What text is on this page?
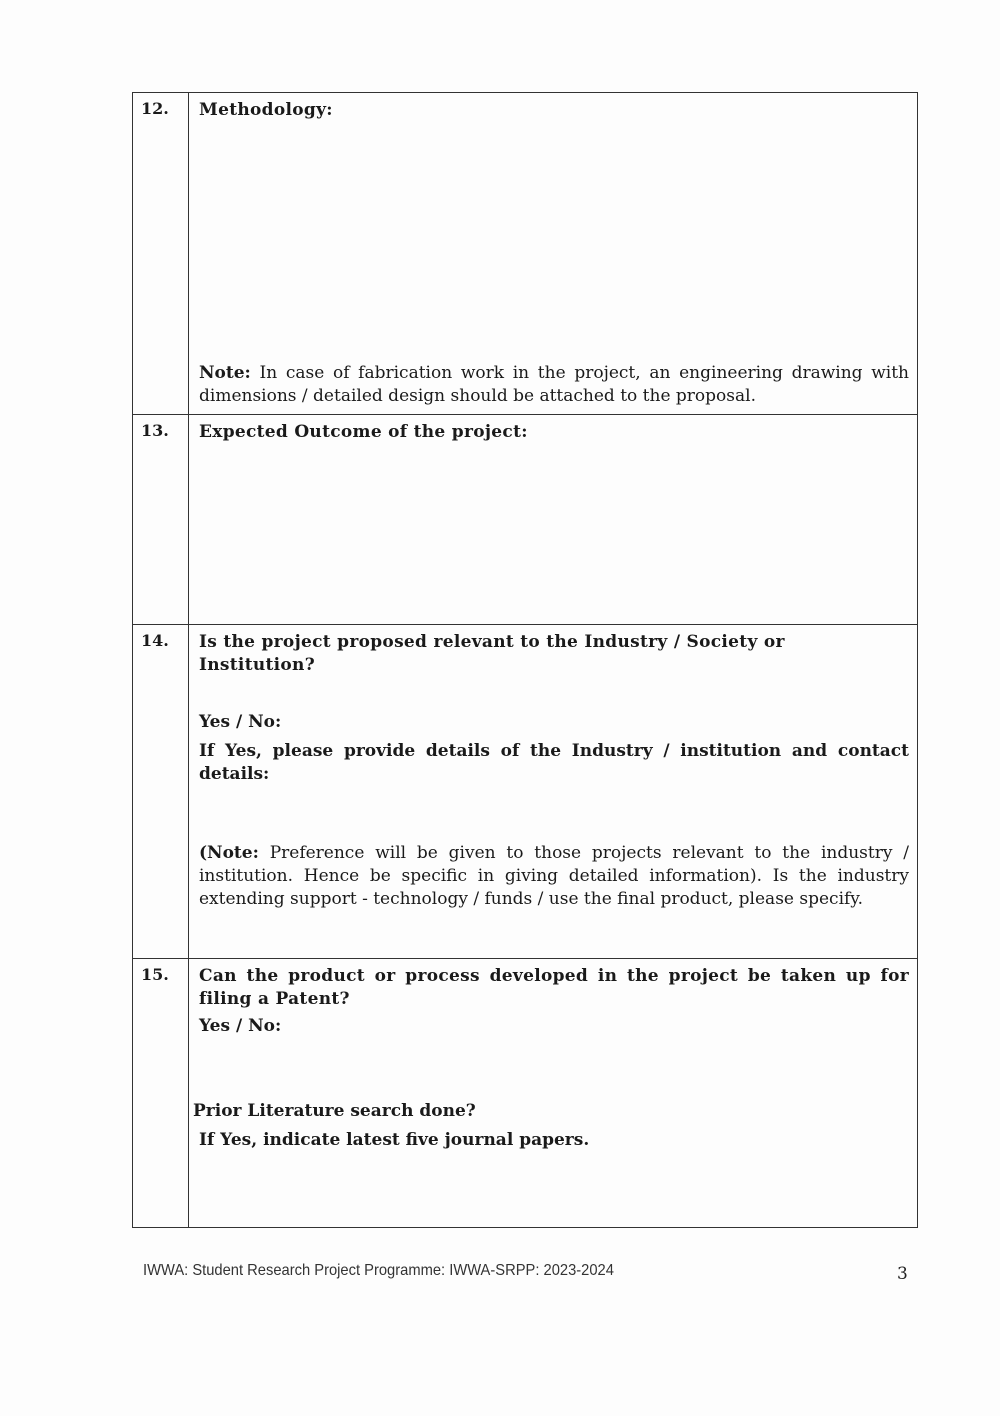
12.	Methodology:
Note: In case of fabrication work in the project, an engineering drawing with dimensions / detailed design should be attached to the proposal.
13.	Expected Outcome of the project:
14.	Is the project proposed relevant to the Industry / Society or Institution?
Yes / No:
If Yes, please provide details of the Industry / institution and contact details:
(Note: Preference will be given to those projects relevant to the industry / institution. Hence be specific in giving detailed information). Is the industry extending support - technology / funds / use the final product, please specify.
15.	Can the product or process developed in the project be taken up for filing a Patent?
Yes / No:
Prior Literature search done?
If Yes, indicate latest five journal papers.
IWWA: Student Research Project Programme: IWWA-SRPP: 2023-2024	3
